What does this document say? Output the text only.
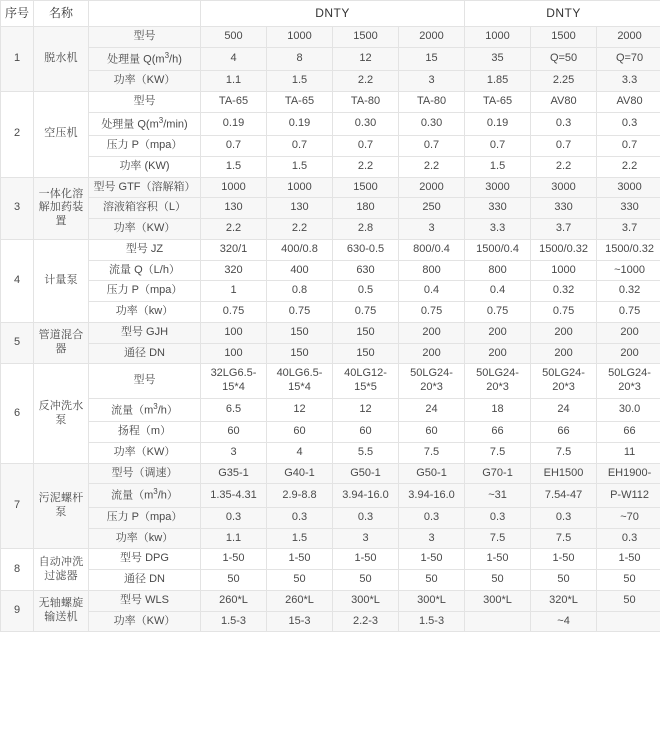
序号	名称		DNTY				DNTY		
1	脱水机	型号	500	1000	1500	2000	1000	1500	2000
		处理量 $Q(m^3/h)$	4	8	12	15	35	Q=50	Q=70
		功率（KW）	1.1	1.5	2.2	3	1.85	2.25	3.3
2	空压机	型号	TA-65	TA-65	TA-80	TA-80	TA-65	AV80	AV80
		处理量 $Q(m^3/\min)$	0.19	0.19	0.30	0.30	0.19	0.3	0.3
		压力 P（mpa）	0.7	0.7	0.7	0.7	0.7	0.7	0.7
		功率 (KW)	1.5	1.5	2.2	2.2	1.5	2.2	2.2
3	一体化溶解加药装置	型号 GTF（溶解箱）	1000	1000	1500	2000	3000	3000	3000
		溶液箱容积（L）	130	130	180	250	330	330	330
		功率（KW）	2.2	2.2	2.8	3	3.3	3.7	3.7
4	计量泵	型号 JZ	320/1	400/0.8	630-0.5	800/0.4	1500/0.4	1500/0.32	1500/0.32
		流量 Q（L/h）	320	400	630	800	800	1000	~1000
		压力 P（mpa）	1	0.8	0.5	0.4	0.4	0.32	0.32
		功率（kw）	0.75	0.75	0.75	0.75	0.75	0.75	0.75
5	管道混合器	型号 GJH	100	150	150	200	200	200	200
		通径 DN	100	150	150	200	200	200	200
6	反冲洗水泵	型号	32LG6.5-15*4	40LG6.5-15*4	40LG12-15*5	50LG24-20*3	50LG24-20*3	50LG24-20*3	50LG24-20*3
		流量$(m^3/h)$	6.5	12	12	24	18	24	30.0
		扬程（m）	60	60	60	60	66	66	66
		功率（KW）	3	4	5.5	7.5	7.5	7.5	11
7	污泥螺杆泵	型号（调速）	G35-1	G40-1	G50-1	G50-1	G70-1	EH1500	EH1900-
		流量$(m^3/h)$	1.35-4.31	2.9-8.8	3.94-16.0	3.94-16.0	~31	7.54-47	P-W112
		压力 P（mpa）	0.3	0.3	0.3	0.3	0.3	0.3	~70
		功率（kw）	1.1	1.5	3	3	7.5	7.5	0.3
8	自动冲洗过滤器	型号 DPG	1-50	1-50	1-50	1-50	1-50	1-50	1-50
		通径 DN	50	50	50	50	50	50	50
9	无轴螺旋输送机	型号 WLS	260*L	260*L	300*L	300*L	300*L	320*L	50
		功率（KW）	1.5-3	15-3	2.2-3	1.5-3		~4	
